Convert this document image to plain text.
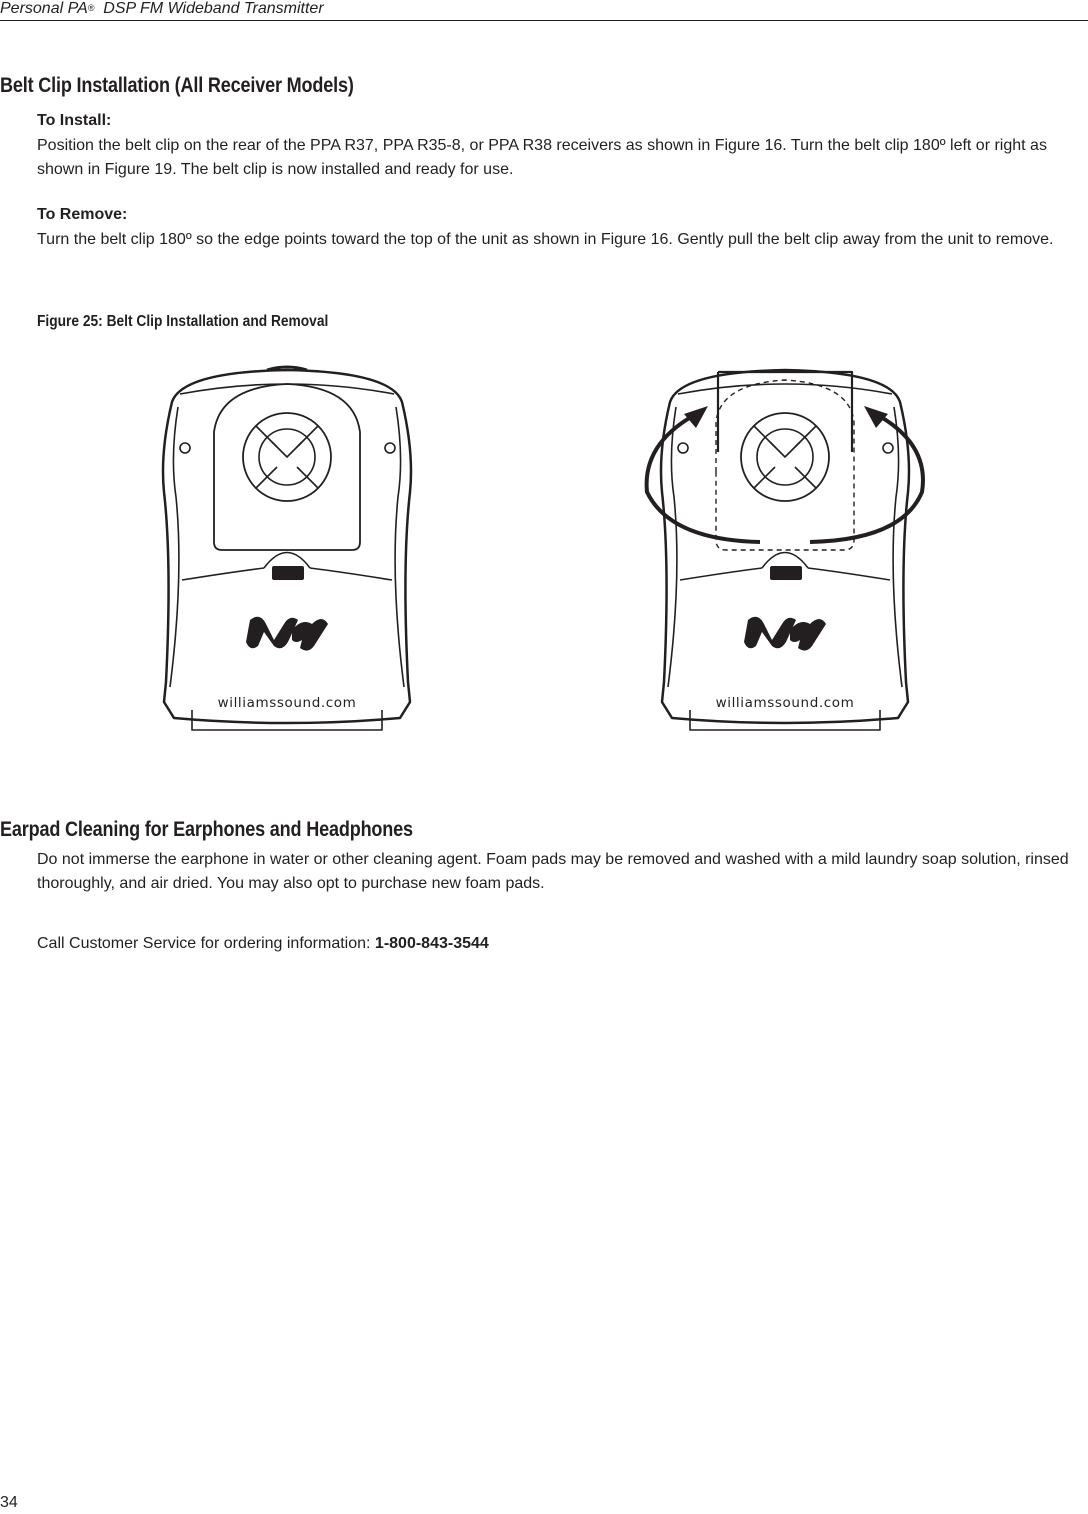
Personal PA® DSP FM Wideband Transmitter
Belt Clip Installation (All Receiver Models)

To Install:

Position the belt clip on the rear of the PPA R37, PPA R35-8, or PPA R38 receivers as shown in Figure 16. Turn the belt clip 180º left or right as shown in Figure 19. The belt clip is now installed and ready for use.

To Remove:

Turn the belt clip 180º so the edge points toward the top of the unit as shown in Figure 16. Gently pull the belt clip away from the unit to remove.

Figure 25: Belt Clip Installation and Removal

williamssound.com	williamssound.com
Earpad Cleaning for Earphones and Headphones

Do not immerse the earphone in water or other cleaning agent. Foam pads may be removed and washed with a mild laundry soap solution, rinsed thoroughly, and air dried. You may also opt to purchase new foam pads.

Call Customer Service for ordering information: 1-800-843-3544

34
